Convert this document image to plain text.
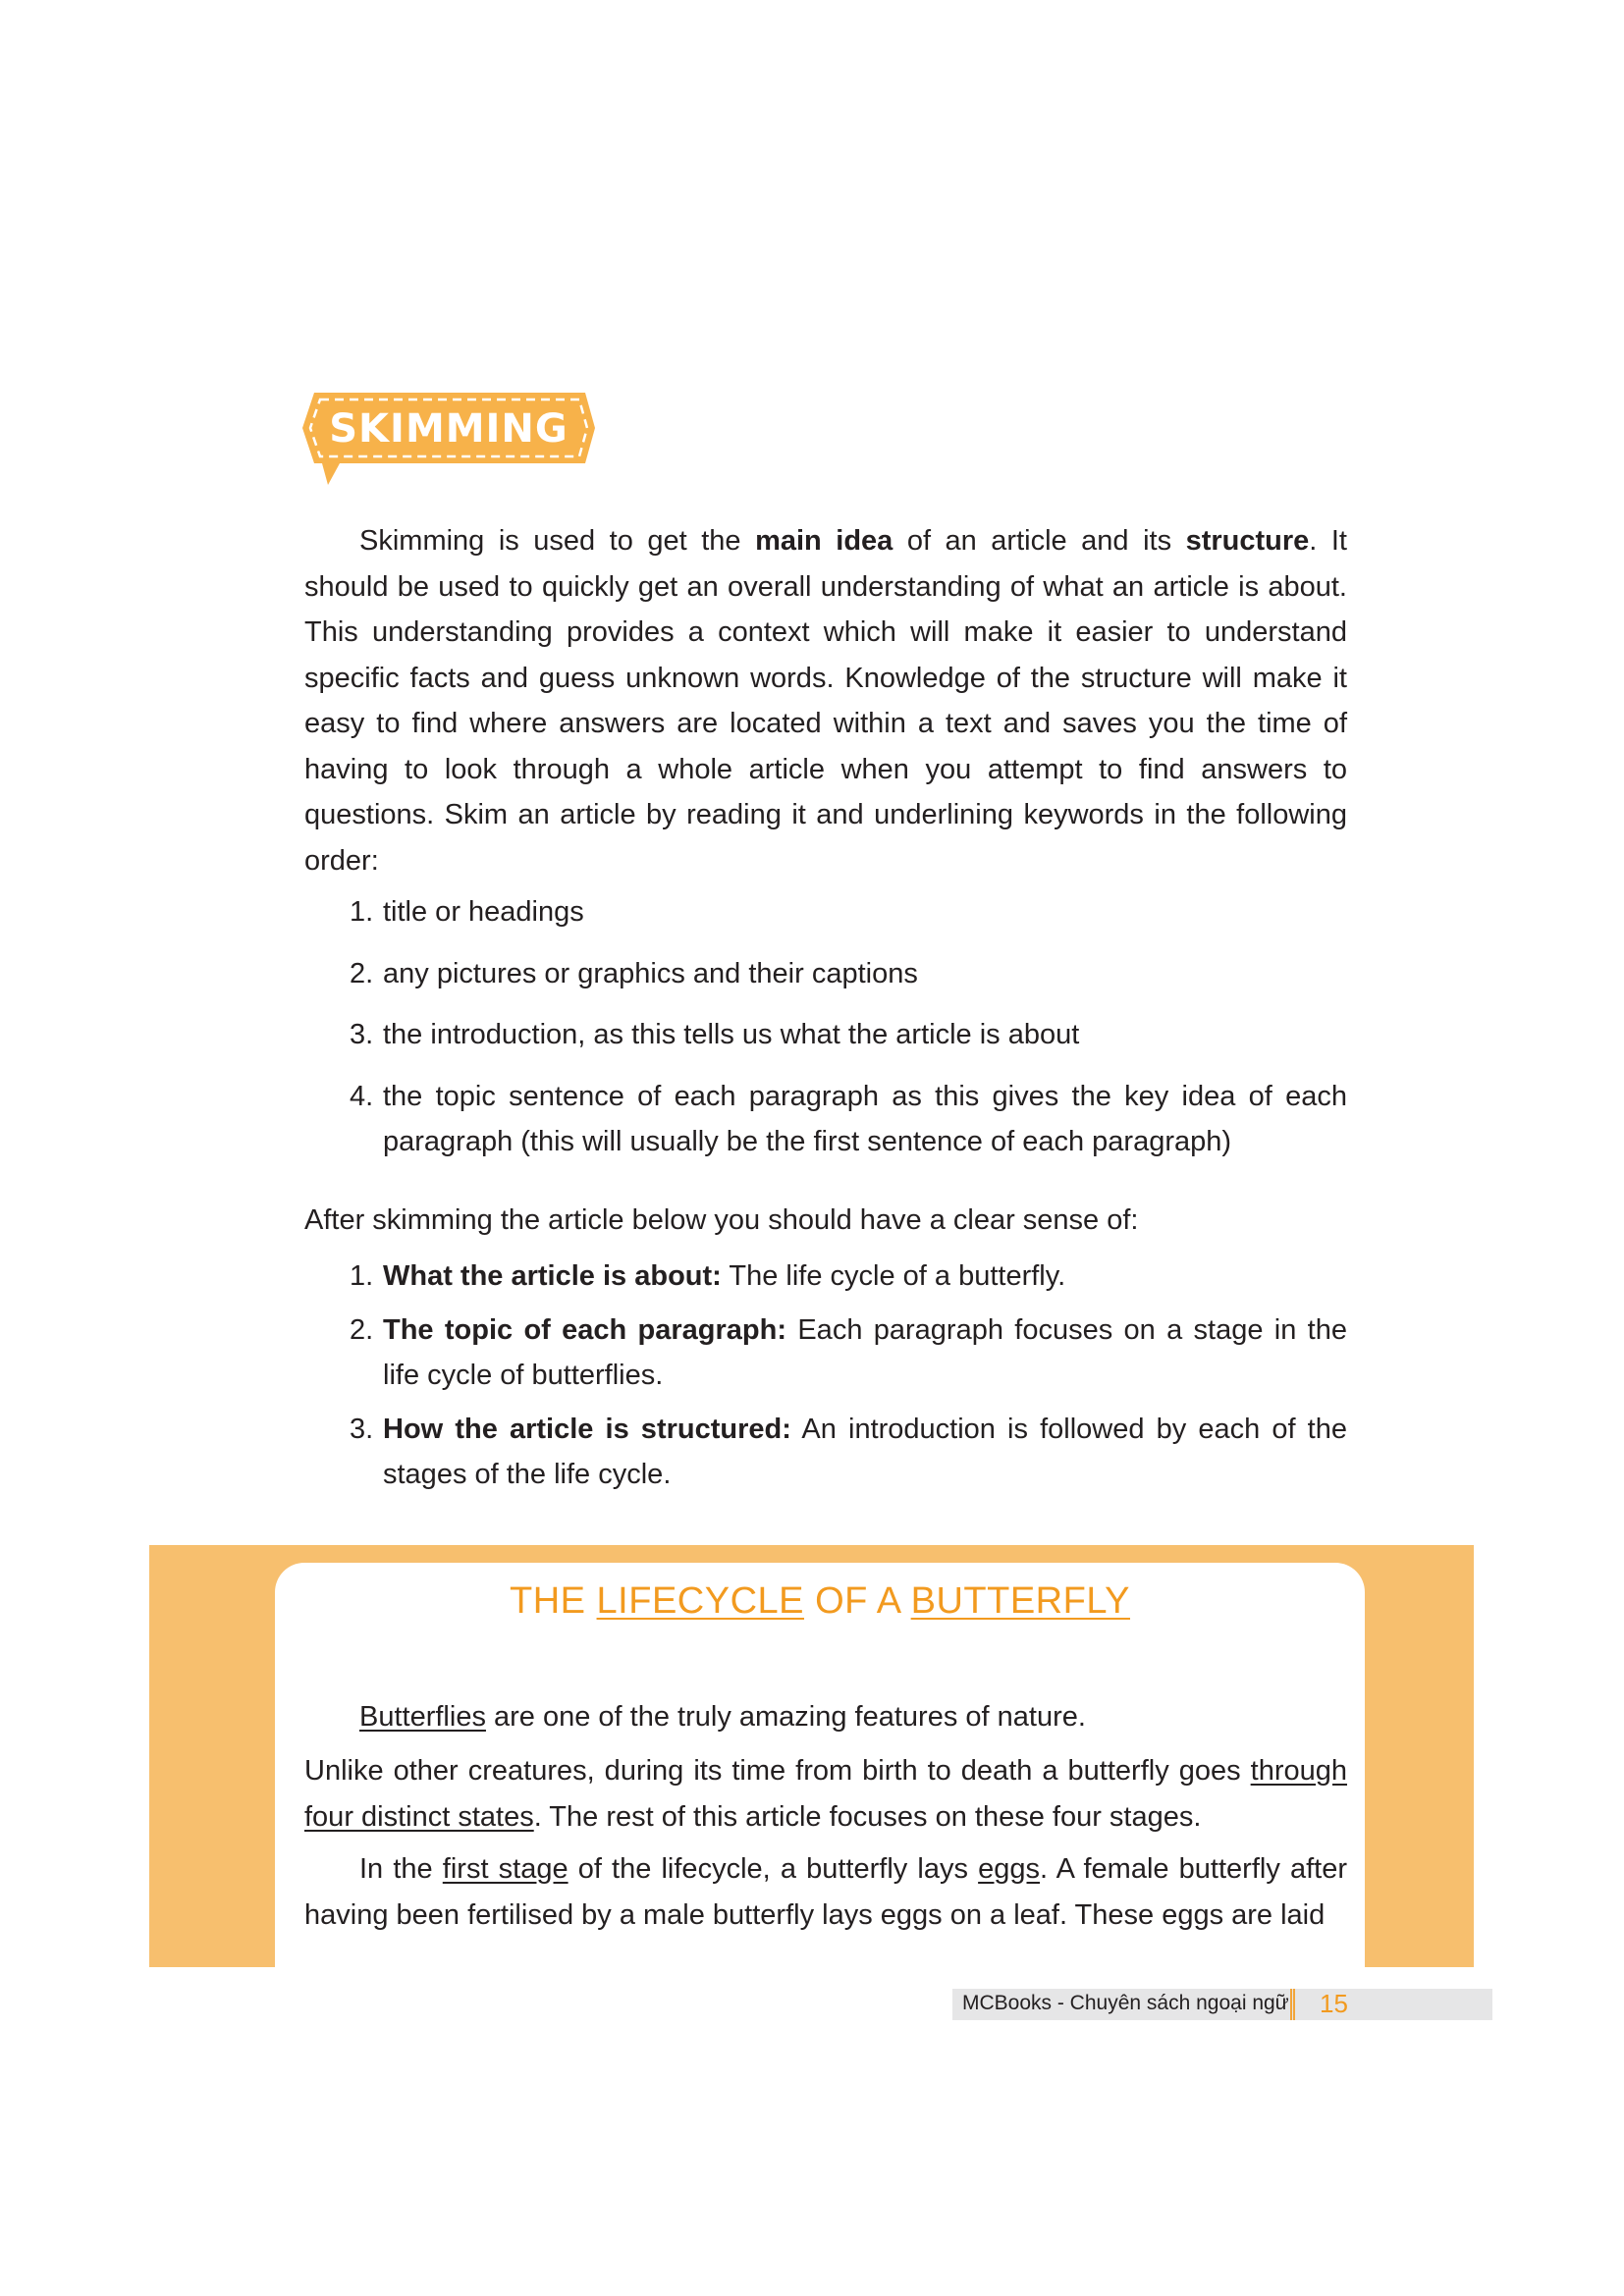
SKIMMING

Skimming is used to get the main idea of an article and its structure. It should be used to quickly get an overall understanding of what an article is about. This understanding provides a context which will make it easier to understand specific facts and guess unknown words. Knowledge of the structure will make it easy to find where answers are located within a text and saves you the time of having to look through a whole article when you attempt to find answers to questions. Skim an article by reading it and underlining keywords in the following order:

1. title or headings
2. any pictures or graphics and their captions
3. the introduction, as this tells us what the article is about
4. the topic sentence of each paragraph as this gives the key idea of each paragraph (this will usually be the first sentence of each paragraph)
After skimming the article below you should have a clear sense of:
1. What the article is about: The life cycle of a butterfly.
2. The topic of each paragraph: Each paragraph focuses on a stage in the life cycle of butterflies.
3. How the article is structured: An introduction is followed by each of the stages of the life cycle.
THE LIFECYCLE OF A BUTTERFLY

Butterflies are one of the truly amazing features of nature.

Unlike other creatures, during its time from birth to death a butterfly goes through four distinct states. The rest of this article focuses on these four stages.

In the first stage of the lifecycle, a butterfly lays eggs. A female butterfly after having been fertilised by a male butterfly lays eggs on a leaf. These eggs are laid

MCBooks - Chuyên sách ngoại ngữ 15
